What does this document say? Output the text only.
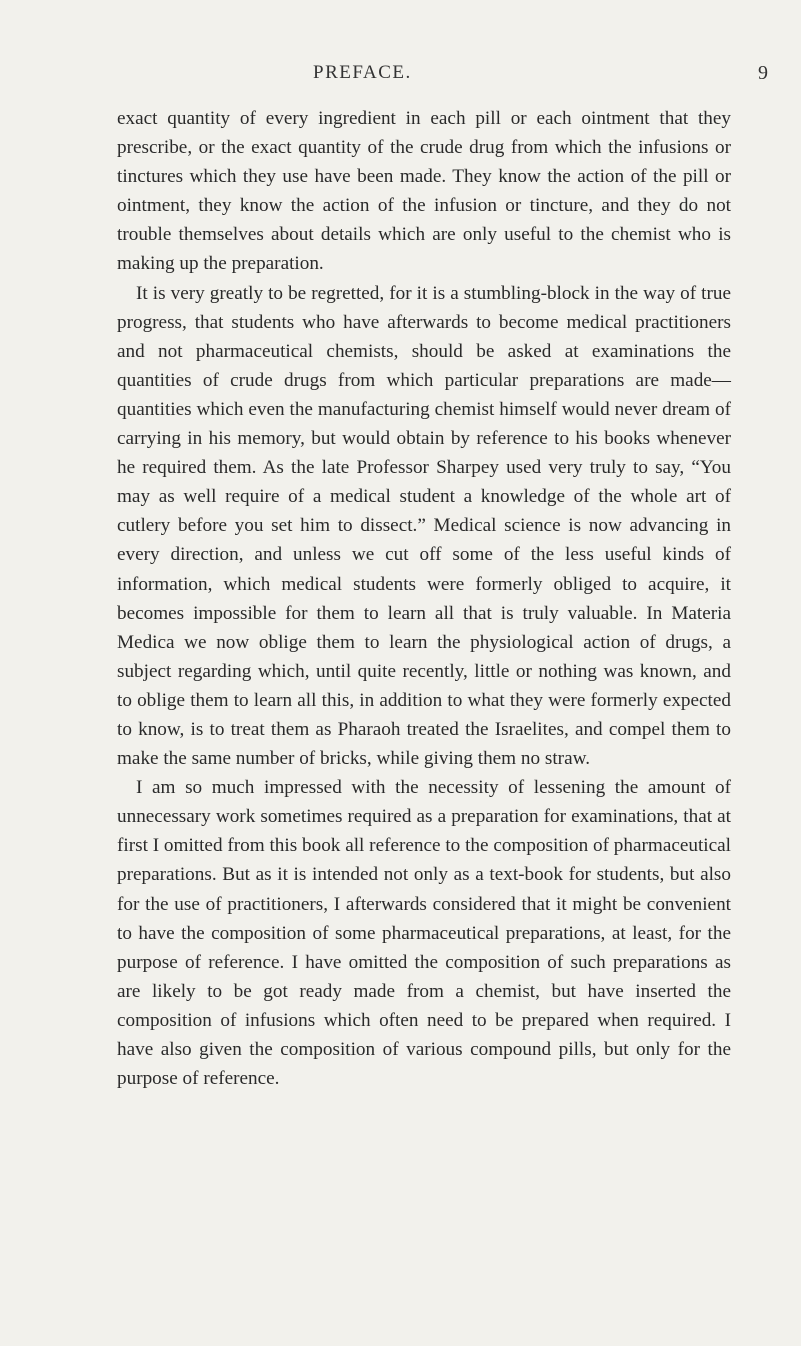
PREFACE.	9

exact quantity of every ingredient in each pill or each ointment that they prescribe, or the exact quantity of the crude drug from which the infusions or tinctures which they use have been made. They know the action of the pill or ointment, they know the action of the infusion or tincture, and they do not trouble themselves about details which are only useful to the chemist who is making up the preparation.

It is very greatly to be regretted, for it is a stumbling-block in the way of true progress, that students who have afterwards to become medical practitioners and not pharmaceutical chemists, should be asked at examinations the quantities of crude drugs from which particular preparations are made—quantities which even the manufacturing chemist himself would never dream of carrying in his memory, but would obtain by reference to his books whenever he required them. As the late Professor Sharpey used very truly to say, “You may as well require of a medical student a knowledge of the whole art of cutlery before you set him to dissect.” Medical science is now advancing in every direction, and unless we cut off some of the less useful kinds of information, which medical students were formerly obliged to acquire, it becomes impossible for them to learn all that is truly valuable. In Materia Medica we now oblige them to learn the physiological action of drugs, a subject regarding which, until quite recently, little or nothing was known, and to oblige them to learn all this, in addition to what they were formerly expected to know, is to treat them as Pharaoh treated the Israelites, and compel them to make the same number of bricks, while giving them no straw.

I am so much impressed with the necessity of lessening the amount of unnecessary work sometimes required as a preparation for examinations, that at first I omitted from this book all reference to the composition of pharmaceutical preparations. But as it is intended not only as a text-book for students, but also for the use of practitioners, I afterwards considered that it might be convenient to have the composition of some pharmaceutical preparations, at least, for the purpose of reference. I have omitted the composition of such preparations as are likely to be got ready made from a chemist, but have inserted the composition of infusions which often need to be prepared when required. I have also given the composition of various compound pills, but only for the purpose of reference.
